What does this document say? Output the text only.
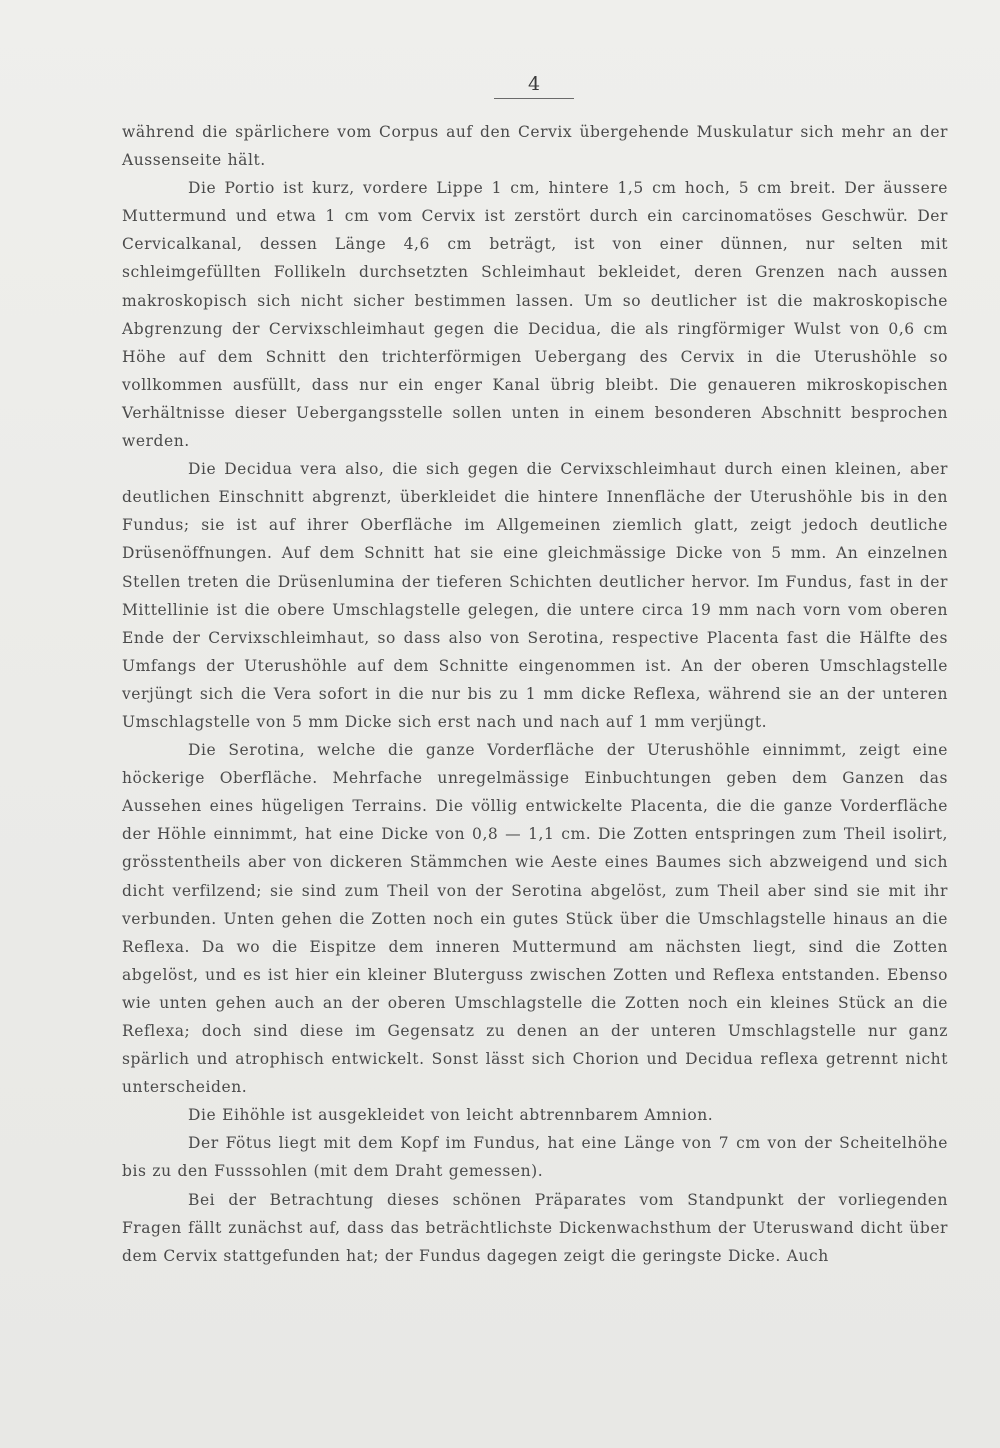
4

während die spärlichere vom Corpus auf den Cervix übergehende Muskulatur sich mehr an der Aussenseite hält.

Die Portio ist kurz, vordere Lippe 1 cm, hintere 1,5 cm hoch, 5 cm breit. Der äussere Muttermund und etwa 1 cm vom Cervix ist zerstört durch ein carcinomatöses Geschwür. Der Cervicalkanal, dessen Länge 4,6 cm beträgt, ist von einer dünnen, nur selten mit schleimgefüllten Follikeln durchsetzten Schleimhaut bekleidet, deren Grenzen nach aussen makroskopisch sich nicht sicher bestimmen lassen. Um so deutlicher ist die makroskopische Abgrenzung der Cervixschleimhaut gegen die Decidua, die als ringförmiger Wulst von 0,6 cm Höhe auf dem Schnitt den trichterförmigen Uebergang des Cervix in die Uterushöhle so vollkommen ausfüllt, dass nur ein enger Kanal übrig bleibt. Die genaueren mikroskopischen Verhältnisse dieser Uebergangsstelle sollen unten in einem besonderen Abschnitt besprochen werden.

Die Decidua vera also, die sich gegen die Cervixschleimhaut durch einen kleinen, aber deutlichen Einschnitt abgrenzt, überkleidet die hintere Innenfläche der Uterushöhle bis in den Fundus; sie ist auf ihrer Oberfläche im Allgemeinen ziemlich glatt, zeigt jedoch deutliche Drüsenöffnungen. Auf dem Schnitt hat sie eine gleichmässige Dicke von 5 mm. An einzelnen Stellen treten die Drüsenlumina der tieferen Schichten deutlicher hervor. Im Fundus, fast in der Mittellinie ist die obere Umschlagstelle gelegen, die untere circa 19 mm nach vorn vom oberen Ende der Cervixschleimhaut, so dass also von Serotina, respective Placenta fast die Hälfte des Umfangs der Uterushöhle auf dem Schnitte eingenommen ist. An der oberen Umschlagstelle verjüngt sich die Vera sofort in die nur bis zu 1 mm dicke Reflexa, während sie an der unteren Umschlagstelle von 5 mm Dicke sich erst nach und nach auf 1 mm verjüngt.

Die Serotina, welche die ganze Vorderfläche der Uterushöhle einnimmt, zeigt eine höckerige Oberfläche. Mehrfache unregelmässige Einbuchtungen geben dem Ganzen das Aussehen eines hügeligen Terrains. Die völlig entwickelte Placenta, die die ganze Vorderfläche der Höhle einnimmt, hat eine Dicke von 0,8 — 1,1 cm. Die Zotten entspringen zum Theil isolirt, grösstentheils aber von dickeren Stämmchen wie Aeste eines Baumes sich abzweigend und sich dicht verfilzend; sie sind zum Theil von der Serotina abgelöst, zum Theil aber sind sie mit ihr verbunden. Unten gehen die Zotten noch ein gutes Stück über die Umschlagstelle hinaus an die Reflexa. Da wo die Eispitze dem inneren Muttermund am nächsten liegt, sind die Zotten abgelöst, und es ist hier ein kleiner Bluterguss zwischen Zotten und Reflexa entstanden. Ebenso wie unten gehen auch an der oberen Umschlagstelle die Zotten noch ein kleines Stück an die Reflexa; doch sind diese im Gegensatz zu denen an der unteren Umschlagstelle nur ganz spärlich und atrophisch entwickelt. Sonst lässt sich Chorion und Decidua reflexa getrennt nicht unterscheiden.

Die Eihöhle ist ausgekleidet von leicht abtrennbarem Amnion.

Der Fötus liegt mit dem Kopf im Fundus, hat eine Länge von 7 cm von der Scheitelhöhe bis zu den Fusssohlen (mit dem Draht gemessen).

Bei der Betrachtung dieses schönen Präparates vom Standpunkt der vorliegenden Fragen fällt zunächst auf, dass das beträchtlichste Dickenwachsthum der Uteruswand dicht über dem Cervix stattgefunden hat; der Fundus dagegen zeigt die geringste Dicke. Auch
